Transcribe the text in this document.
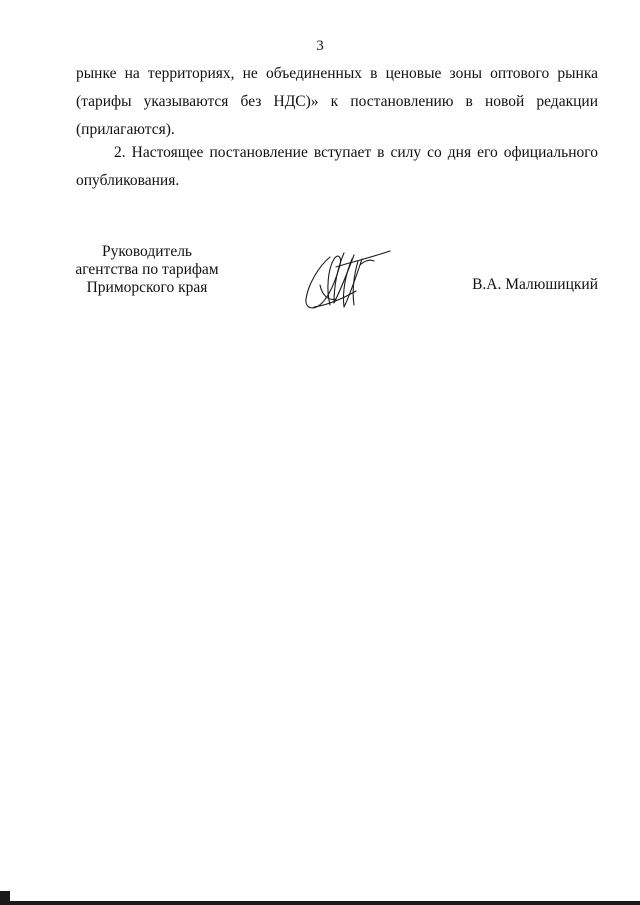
3
рынке на территориях, не объединенных в ценовые зоны оптового рынка
(тарифы указываются без НДС)» к постановлению в новой редакции
(прилагаются).
2. Настоящее постановление вступает в силу со дня его официального
опубликования.
Руководитель
агентства по тарифам
Приморского края	В.А. Малюшицкий
